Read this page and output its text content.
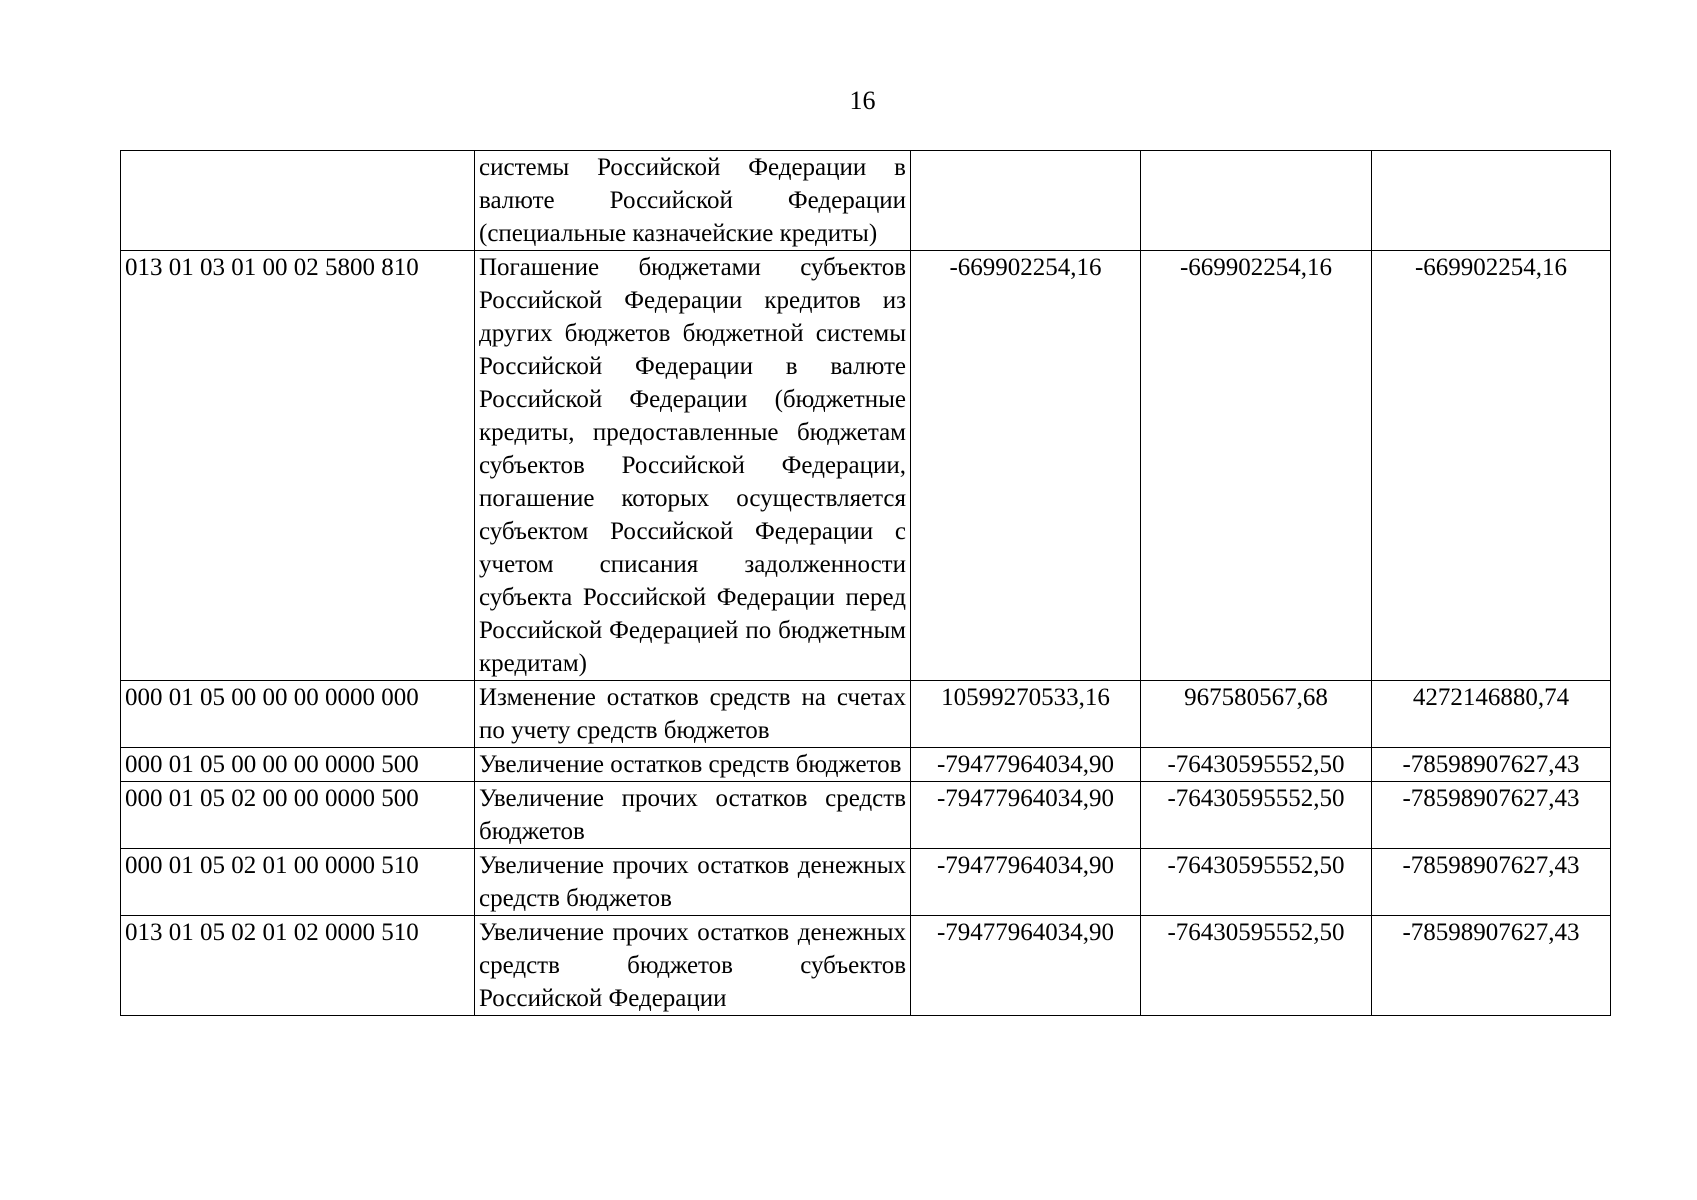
16
	системы Российской Федерации в валюте Российской Федерации (специальные казначейские кредиты)			
013 01 03 01 00 02 5800 810	Погашение бюджетами субъектов Российской Федерации кредитов из других бюджетов бюджетной системы Российской Федерации в валюте Российской Федерации (бюджетные кредиты, предоставленные бюджетам субъектов Российской Федерации, погашение которых осуществляется субъектом Российской Федерации с учетом списания задолженности субъекта Российской Федерации перед Российской Федерацией по бюджетным кредитам)	-669902254,16	-669902254,16	-669902254,16
000 01 05 00 00 00 0000 000	Изменение остатков средств на счетах по учету средств бюджетов	10599270533,16	967580567,68	4272146880,74
000 01 05 00 00 00 0000 500	Увеличение остатков средств бюджетов	-79477964034,90	-76430595552,50	-78598907627,43
000 01 05 02 00 00 0000 500	Увеличение прочих остатков средств бюджетов	-79477964034,90	-76430595552,50	-78598907627,43
000 01 05 02 01 00 0000 510	Увеличение прочих остатков денежных средств бюджетов	-79477964034,90	-76430595552,50	-78598907627,43
013 01 05 02 01 02 0000 510	Увеличение прочих остатков денежных средств бюджетов субъектов Российской Федерации	-79477964034,90	-76430595552,50	-78598907627,43
